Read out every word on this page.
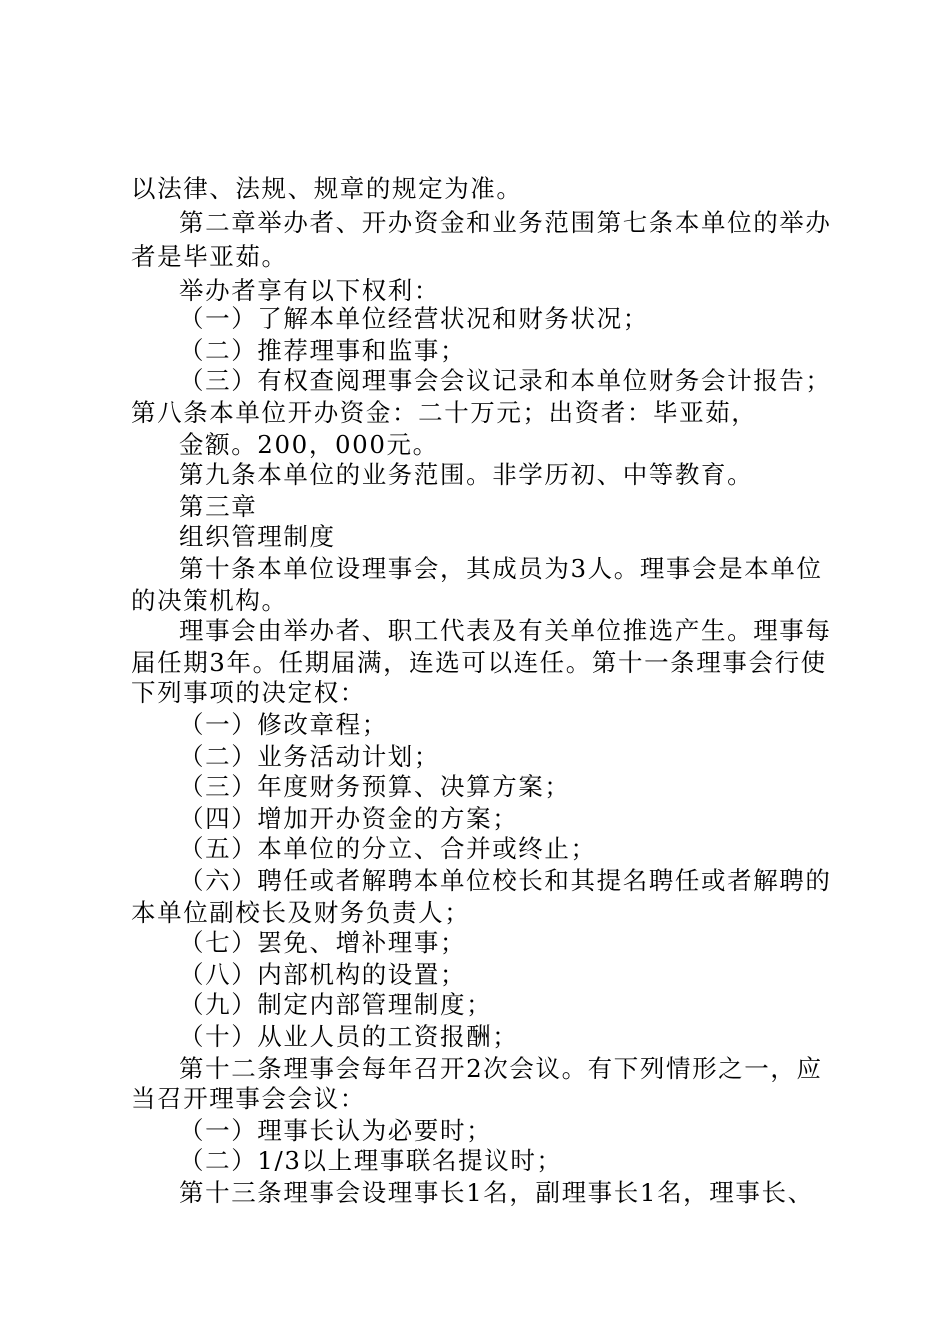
以法律、法规、规章的规定为准。
第二章举办者、开办资金和业务范围第七条本单位的举办
者是毕亚茹。
举办者享有以下权利：
（一）了解本单位经营状况和财务状况；
（二）推荐理事和监事；
（三）有权查阅理事会会议记录和本单位财务会计报告；
第八条本单位开办资金：二十万元；出资者：毕亚茹，
金额。200，000元。
第九条本单位的业务范围。非学历初、中等教育。
第三章
组织管理制度
第十条本单位设理事会，其成员为3人。理事会是本单位
的决策机构。
理事会由举办者、职工代表及有关单位推选产生。理事每
届任期3年。任期届满，连选可以连任。第十一条理事会行使
下列事项的决定权：
（一）修改章程；
（二）业务活动计划；
（三）年度财务预算、决算方案；
（四）增加开办资金的方案；
（五）本单位的分立、合并或终止；
（六）聘任或者解聘本单位校长和其提名聘任或者解聘的
本单位副校长及财务负责人；
（七）罢免、增补理事；
（八）内部机构的设置；
（九）制定内部管理制度；
（十）从业人员的工资报酬；
第十二条理事会每年召开2次会议。有下列情形之一，应
当召开理事会会议：
（一）理事长认为必要时；
（二）1/3以上理事联名提议时；
第十三条理事会设理事长1名，副理事长1名，理事长、
